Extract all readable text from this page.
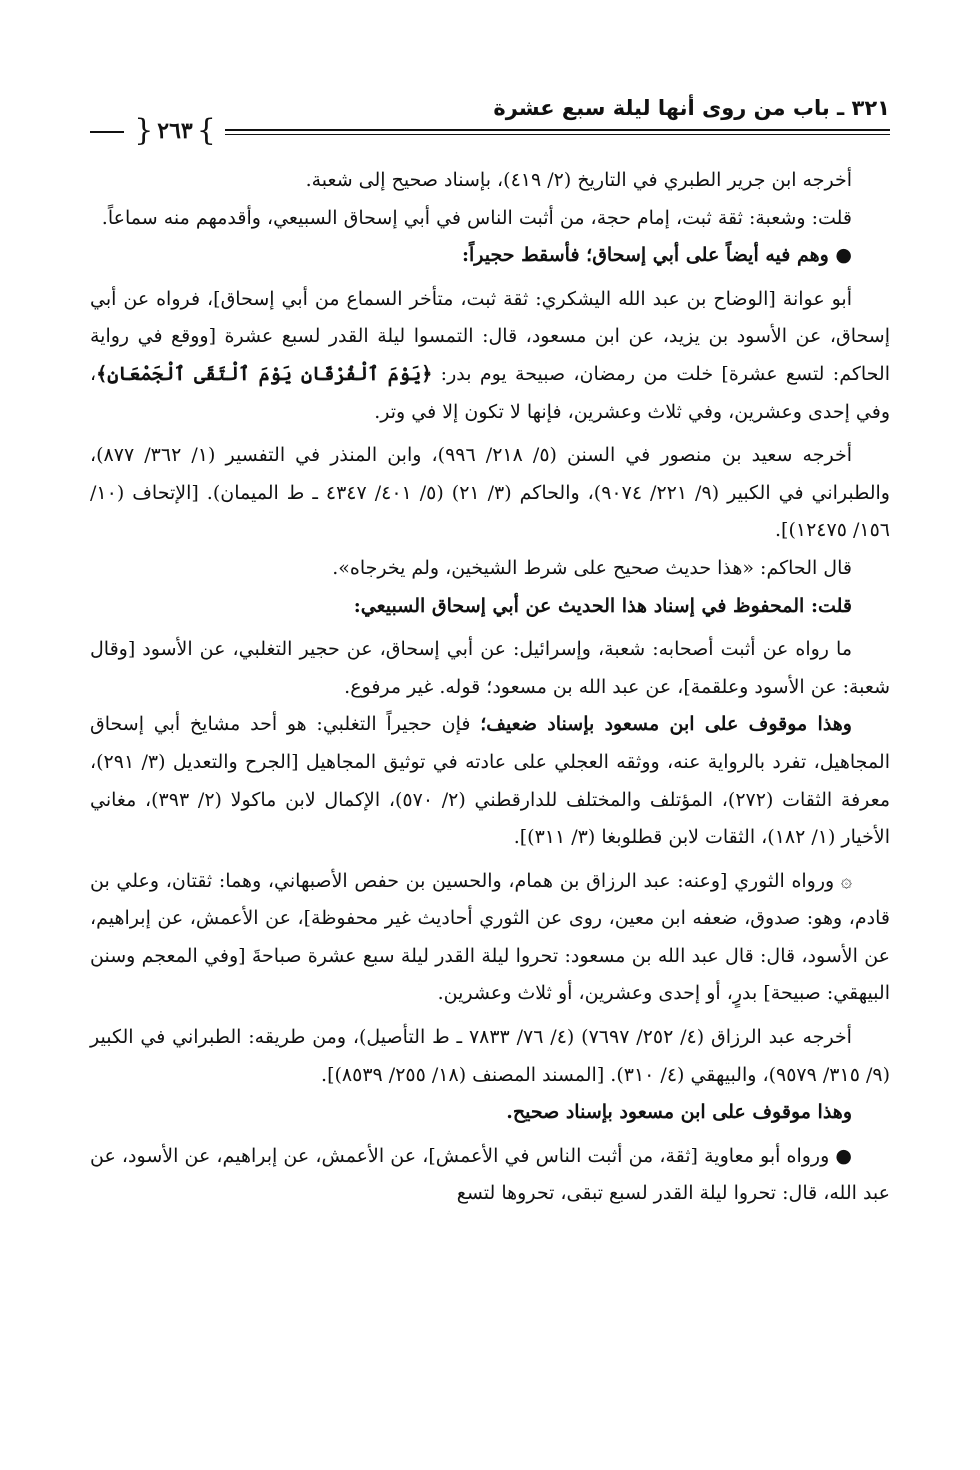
٣٢١ ـ باب من روى أنها ليلة سبع عشرة
}
٢٦٣
{

أخرجه ابن جرير الطبري في التاريخ (٢/ ٤١٩)، بإسناد صحيح إلى شعبة.

قلت: وشعبة: ثقة ثبت، إمام حجة، من أثبت الناس في أبي إسحاق السبيعي، وأقدمهم منه سماعاً.

● وهم فيه أيضاً على أبي إسحاق؛ فأسقط حجيراً:

أبو عوانة [الوضاح بن عبد الله اليشكري: ثقة ثبت، متأخر السماع من أبي إسحاق]، فرواه عن أبي إسحاق، عن الأسود بن يزيد، عن ابن مسعود، قال: التمسوا ليلة القدر لسبع عشرة [ووقع في رواية الحاكم: لتسع عشرة] خلت من رمضان، صبيحة يوم بدر: ﴿يَوْمَ ٱلْفُرْقَانِ يَوْمَ ٱلْتَقَى ٱلْجَمْعَانِ﴾، وفي إحدى وعشرين، وفي ثلاث وعشرين، فإنها لا تكون إلا في وتر.

أخرجه سعيد بن منصور في السنن (٥/ ٢١٨/ ٩٩٦)، وابن المنذر في التفسير (١/ ٣٦٢/ ٨٧٧)، والطبراني في الكبير (٩/ ٢٢١/ ٩٠٧٤)، والحاكم (٣/ ٢١) (٥/ ٤٠١/ ٤٣٤٧ ـ ط الميمان). [الإتحاف (١٠/ ١٥٦/ ١٢٤٧٥)].

قال الحاكم: «هذا حديث صحيح على شرط الشيخين، ولم يخرجاه».

قلت: المحفوظ في إسناد هذا الحديث عن أبي إسحاق السبيعي:

ما رواه عن أثبت أصحابه: شعبة، وإسرائيل: عن أبي إسحاق، عن حجير التغلبي، عن الأسود [وقال شعبة: عن الأسود وعلقمة]، عن عبد الله بن مسعود؛ قوله. غير مرفوع.

وهذا موقوف على ابن مسعود بإسناد ضعيف؛ فإن حجيراً التغلبي: هو أحد مشايخ أبي إسحاق المجاهيل، تفرد بالرواية عنه، ووثقه العجلي على عادته في توثيق المجاهيل [الجرح والتعديل (٣/ ٢٩١)، معرفة الثقات (٢٧٢)، المؤتلف والمختلف للدارقطني (٢/ ٥٧٠)، الإكمال لابن ماكولا (٢/ ٣٩٣)، مغاني الأخيار (١/ ١٨٢)، الثقات لابن قطلوبغا (٣/ ٣١١)].

۞ ورواه الثوري [وعنه: عبد الرزاق بن همام، والحسين بن حفص الأصبهاني، وهما: ثقتان، وعلي بن قادم، وهو: صدوق، ضعفه ابن معين، روى عن الثوري أحاديث غير محفوظة]، عن الأعمش، عن إبراهيم، عن الأسود، قال: قال عبد الله بن مسعود: تحروا ليلة القدر ليلة سبع عشرة صباحةَ [وفي المعجم وسنن البيهقي: صبيحة] بدرٍ، أو إحدى وعشرين، أو ثلاث وعشرين.

أخرجه عبد الرزاق (٤/ ٢٥٢/ ٧٦٩٧) (٤/ ٧٦/ ٧٨٣٣ ـ ط التأصيل)، ومن طريقه: الطبراني في الكبير (٩/ ٣١٥/ ٩٥٧٩)، والبيهقي (٤/ ٣١٠). [المسند المصنف (١٨/ ٢٥٥/ ٨٥٣٩)].

وهذا موقوف على ابن مسعود بإسناد صحيح.

● ورواه أبو معاوية [ثقة، من أثبت الناس في الأعمش]، عن الأعمش، عن إبراهيم، عن الأسود، عن عبد الله، قال: تحروا ليلة القدر لسبع تبقى، تحروها لتسع
